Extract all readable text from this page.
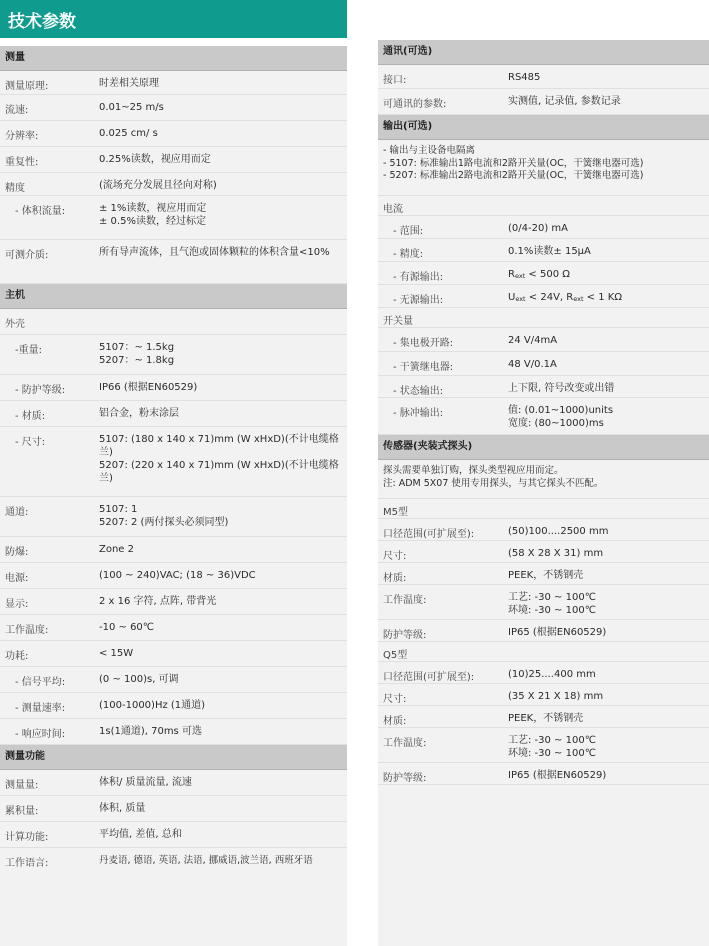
技术参数
测量
测量原理:	时差相关原理
流速:	0.01~25 m/s
分辨率:	0.025 cm/ s
重复性:	0.25%读数，视应用而定
精度	(流场充分发展且径向对称)
- 体积流量:	± 1%读数，视应用而定
± 0.5%读数，经过标定
可测介质:	所有导声流体，且气泡或固体颗粒的体积含量<10%
主机
外壳
-重量:	5107：~ 1.5kg
5207：~ 1.8kg
- 防护等级:	IP66 (根据EN60529)
- 材质:	铝合金，粉末涂层
- 尺寸:	5107: (180 x 140 x 71)mm (W xHxD)(不计电缆格兰)
5207: (220 x 140 x 71)mm (W xHxD)(不计电缆格兰)
通道:	5107: 1
5207: 2 (两付探头必须同型)
防爆:	Zone 2
电源:	(100 ~ 240)VAC; (18 ~ 36)VDC
显示:	2 x 16 字符, 点阵, 带背光
工作温度:	-10 ~ 60℃
功耗:	< 15W
- 信号平均:	(0 ~ 100)s, 可调
- 测量速率:	(100-1000)Hz (1通道)
- 响应时间:	1s(1通道), 70ms 可选
测量功能
测量量:	体积/ 质量流量, 流速
累积量:	体积, 质量
计算功能:	平均值, 差值, 总和
工作语言:	丹麦语, 德语, 英语, 法语, 挪威语,波兰语, 西班牙语
通讯(可选)
接口:	RS485
可通讯的参数:	实测值, 记录值, 参数记录
输出(可选)
- 输出与主设备电隔离
- 5107: 标准输出1路电流和2路开关量(OC，干簧继电器可选)
- 5207: 标准输出2路电流和2路开关量(OC，干簧继电器可选)
电流
- 范围:	(0/4-20) mA
- 精度:	0.1%读数± 15μA
- 有源输出:	Rext < 500 Ω
- 无源输出:	Uext < 24V, Rext < 1 KΩ
开关量
- 集电极开路:	24 V/4mA
- 干簧继电器:	48 V/0.1A
- 状态输出:	上下限, 符号改变或出错
- 脉冲输出:	值: (0.01~1000)units
宽度: (80~1000)ms
传感器(夹装式探头)
探头需要单独订购，探头类型视应用而定。
注: ADM 5X07 使用专用探头，与其它探头不匹配。
M5型
口径范围(可扩展至):	(50)100....2500 mm
尺寸:	(58 X 28 X 31) mm
材质:	PEEK，不锈钢壳
工作温度:	工艺: -30 ~ 100℃
环境: -30 ~ 100℃
防护等级:	IP65 (根据EN60529)
Q5型
口径范围(可扩展至):	(10)25....400 mm
尺寸:	(35 X 21 X 18) mm
材质:	PEEK，不锈钢壳
工作温度:	工艺: -30 ~ 100℃
环境: -30 ~ 100℃
防护等级:	IP65 (根据EN60529)
